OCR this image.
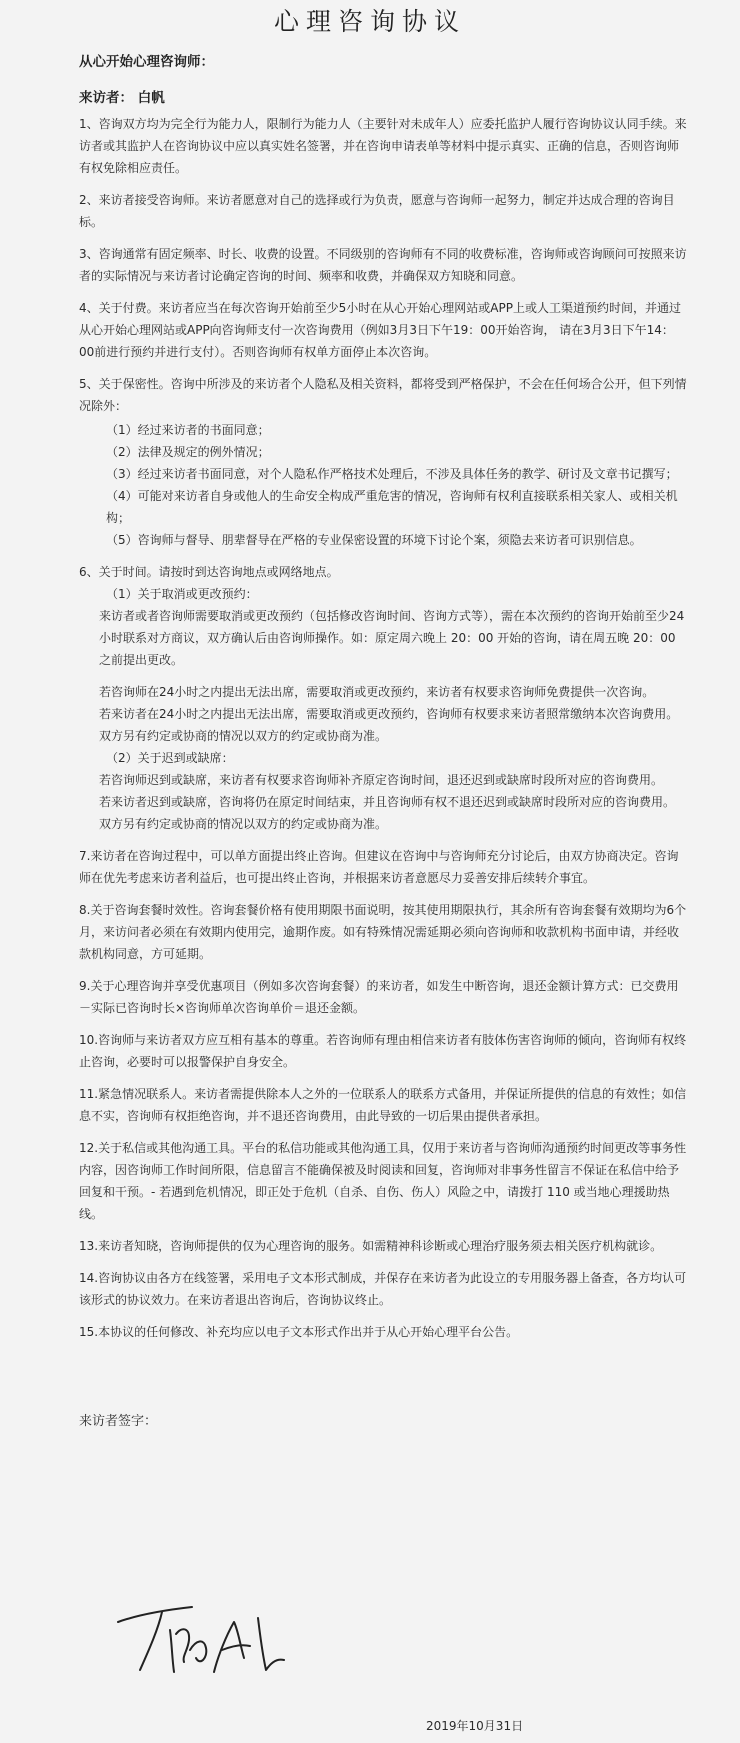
心理咨询协议
从心开始心理咨询师：
来访者： 白帆

1、咨询双方均为完全行为能力人，限制行为能力人（主要针对未成年人）应委托监护人履行咨询协议认同手续。来访者或其监护人在咨询协议中应以真实姓名签署，并在咨询申请表单等材料中提示真实、正确的信息，否则咨询师有权免除相应责任。

2、来访者接受咨询师。来访者愿意对自己的选择或行为负责，愿意与咨询师一起努力，制定并达成合理的咨询目标。

3、咨询通常有固定频率、时长、收费的设置。不同级别的咨询师有不同的收费标准，咨询师或咨询顾问可按照来访者的实际情况与来访者讨论确定咨询的时间、频率和收费，并确保双方知晓和同意。

4、关于付费。来访者应当在每次咨询开始前至少5小时在从心开始心理网站或APP上或人工渠道预约时间，并通过从心开始心理网站或APP向咨询师支付一次咨询费用（例如3月3日下午19：00开始咨询， 请在3月3日下午14：00前进行预约并进行支付）。否则咨询师有权单方面停止本次咨询。

5、关于保密性。咨询中所涉及的来访者个人隐私及相关资料，都将受到严格保护，不会在任何场合公开，但下列情况除外：

（1）经过来访者的书面同意；

（2）法律及规定的例外情况；

（3）经过来访者书面同意，对个人隐私作严格技术处理后，不涉及具体任务的教学、研讨及文章书记撰写；

（4）可能对来访者自身或他人的生命安全构成严重危害的情况，咨询师有权利直接联系相关家人、或相关机构；

（5）咨询师与督导、朋辈督导在严格的专业保密设置的环境下讨论个案，须隐去来访者可识别信息。

6、关于时间。请按时到达咨询地点或网络地点。

（1）关于取消或更改预约：

来访者或者咨询师需要取消或更改预约（包括修改咨询时间、咨询方式等），需在本次预约的咨询开始前至少24小时联系对方商议，双方确认后由咨询师操作。如：原定周六晚上 20：00 开始的咨询，请在周五晚 20：00 之前提出更改。

若咨询师在24小时之内提出无法出席，需要取消或更改预约，来访者有权要求咨询师免费提供一次咨询。

若来访者在24小时之内提出无法出席，需要取消或更改预约，咨询师有权要求来访者照常缴纳本次咨询费用。

双方另有约定或协商的情况以双方的约定或协商为准。

（2）关于迟到或缺席：

若咨询师迟到或缺席，来访者有权要求咨询师补齐原定咨询时间，退还迟到或缺席时段所对应的咨询费用。

若来访者迟到或缺席，咨询将仍在原定时间结束，并且咨询师有权不退还迟到或缺席时段所对应的咨询费用。

双方另有约定或协商的情况以双方的约定或协商为准。

7.来访者在咨询过程中，可以单方面提出终止咨询。但建议在咨询中与咨询师充分讨论后，由双方协商决定。咨询师在优先考虑来访者利益后，也可提出终止咨询，并根据来访者意愿尽力妥善安排后续转介事宜。

8.关于咨询套餐时效性。咨询套餐价格有使用期限书面说明，按其使用期限执行，其余所有咨询套餐有效期均为6个月，来访问者必须在有效期内使用完，逾期作废。如有特殊情况需延期必须向咨询师和收款机构书面申请，并经收款机构同意，方可延期。

9.关于心理咨询并享受优惠项目（例如多次咨询套餐）的来访者，如发生中断咨询，退还金额计算方式：已交费用－实际已咨询时长×咨询师单次咨询单价＝退还金额。

10.咨询师与来访者双方应互相有基本的尊重。若咨询师有理由相信来访者有肢体伤害咨询师的倾向，咨询师有权终止咨询，必要时可以报警保护自身安全。

11.紧急情况联系人。来访者需提供除本人之外的一位联系人的联系方式备用，并保证所提供的信息的有效性；如信息不实，咨询师有权拒绝咨询，并不退还咨询费用，由此导致的一切后果由提供者承担。

12.关于私信或其他沟通工具。平台的私信功能或其他沟通工具，仅用于来访者与咨询师沟通预约时间更改等事务性内容，因咨询师工作时间所限，信息留言不能确保被及时阅读和回复，咨询师对非事务性留言不保证在私信中给予回复和干预。- 若遇到危机情况，即正处于危机（自杀、自伤、伤人）风险之中，请拨打 110 或当地心理援助热线。

13.来访者知晓，咨询师提供的仅为心理咨询的服务。如需精神科诊断或心理治疗服务须去相关医疗机构就诊。

14.咨询协议由各方在线签署，采用电子文本形式制成，并保存在来访者为此设立的专用服务器上备查，各方均认可该形式的协议效力。在来访者退出咨询后，咨询协议终止。

15.本协议的任何修改、补充均应以电子文本形式作出并于从心开始心理平台公告。

来访者签字：
2019年10月31日
